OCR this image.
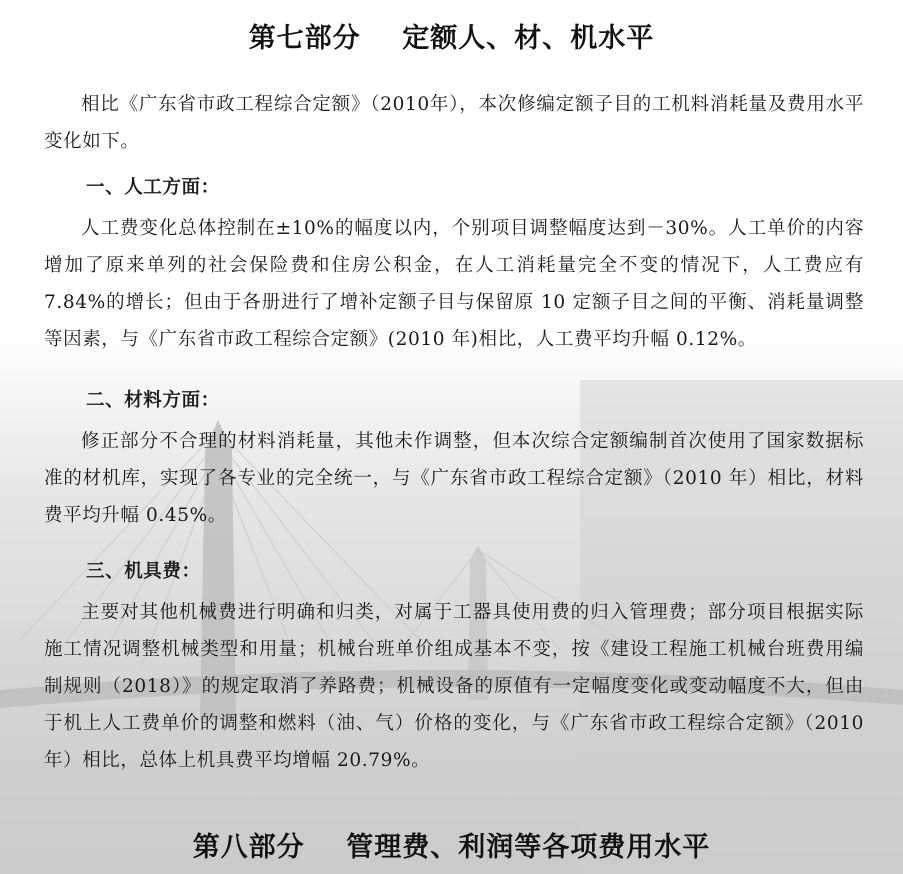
第七部分    定额人、材、机水平

相比《广东省市政工程综合定额》（2010年），本次修编定额子目的工机料消耗量及费用水平变化如下。

一、人工方面：

人工费变化总体控制在±10%的幅度以内，个别项目调整幅度达到－30%。人工单价的内容增加了原来单列的社会保险费和住房公积金，在人工消耗量完全不变的情况下，人工费应有 7.84%的增长；但由于各册进行了增补定额子目与保留原 10 定额子目之间的平衡、消耗量调整等因素，与《广东省市政工程综合定额》(2010 年)相比，人工费平均升幅 0.12%。

二、材料方面：

修正部分不合理的材料消耗量，其他未作调整，但本次综合定额编制首次使用了国家数据标准的材机库，实现了各专业的完全统一，与《广东省市政工程综合定额》（2010 年）相比，材料费平均升幅 0.45%。

三、机具费：

主要对其他机械费进行明确和归类，对属于工器具使用费的归入管理费；部分项目根据实际施工情况调整机械类型和用量；机械台班单价组成基本不变，按《建设工程施工机械台班费用编制规则（2018）》的规定取消了养路费；机械设备的原值有一定幅度变化或变动幅度不大，但由于机上人工费单价的调整和燃料（油、气）价格的变化，与《广东省市政工程综合定额》（2010 年）相比，总体上机具费平均增幅 20.79%。

第八部分    管理费、利润等各项费用水平
